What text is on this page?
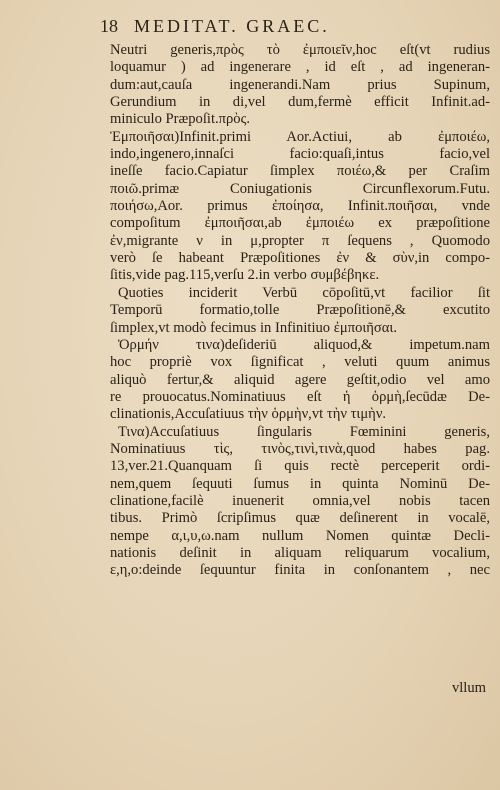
18 MEDITAT. GRAEC.
Neutri generis,πρὸς τὸ ἐμποιεῖν,hoc eſt(vt rudius
loquamur ) ad ingenerare , id eſt , ad ingeneran-
dum:aut,cauſa ingenerandi.Nam prius Supinum,
Gerundium in di,vel dum,fermè efficit Infinit.ad-
miniculo Præpoſit.πρὸς.
Ἐμποιῆσαι)Infinit.primi Aor.Actiui, ab ἐμποιέω,
indo,ingenero,innaſci facio:quaſi,intus facio,vel
ineſſe facio.Capiatur ſimplex ποιέω,& per Craſim
ποιῶ.primæ Coniugationis Circunflexorum.Futu.
ποιήσω,Aor. primus ἐποίησα, Infinit.ποιῆσαι, vnde
compoſitum ἐμποιῆσαι,ab ἐμποιέω ex præpoſitione
ἐν,migrante ν in μ,propter π ſequens , Quomodo
verò ſe habeant Præpoſitiones ἐν & σὺν,in compo-
ſitis,vide pag.115,verſu 2.in verbo συμβέβηκε.
Quoties inciderit Verbū cōpoſitū,vt facilior ſit
Temporū formatio,tolle Præpoſitionē,& excutito
ſimplex,vt modò fecimus in Infinitiuo ἐμποιῆσαι.
Ὁρμήν τινα)deſideriū aliquod,& impetum.nam
hoc propriè vox ſignificat , veluti quum animus
aliquò fertur,& aliquid agere geſtit,odio vel amo
re prouocatus.Nominatiuus eſt ἡ ὁρμὴ,ſecūdæ De-
clinationis,Accuſatiuus τὴν ὁρμὴν,vt τὴν τιμὴν.
Τινα)Accuſatiuus ſingularis Fœminini generis,
Nominatiuus τὶς, τινὸς,τινὶ,τινὰ,quod habes pag.
13,ver.21.Quanquam ſi quis rectè perceperit ordi-
nem,quem ſequuti ſumus in quinta Nominū De-
clinatione,facilè inuenerit omnia,vel nobis tacen
tibus. Primò ſcripſimus quæ deſinerent in vocalē,
nempe α,ι,υ,ω.nam nullum Nomen quintæ Decli-
nationis deſinit in aliquam reliquarum vocalium,
ε,η,ο:deinde ſequuntur finita in conſonantem , nec
vllum
